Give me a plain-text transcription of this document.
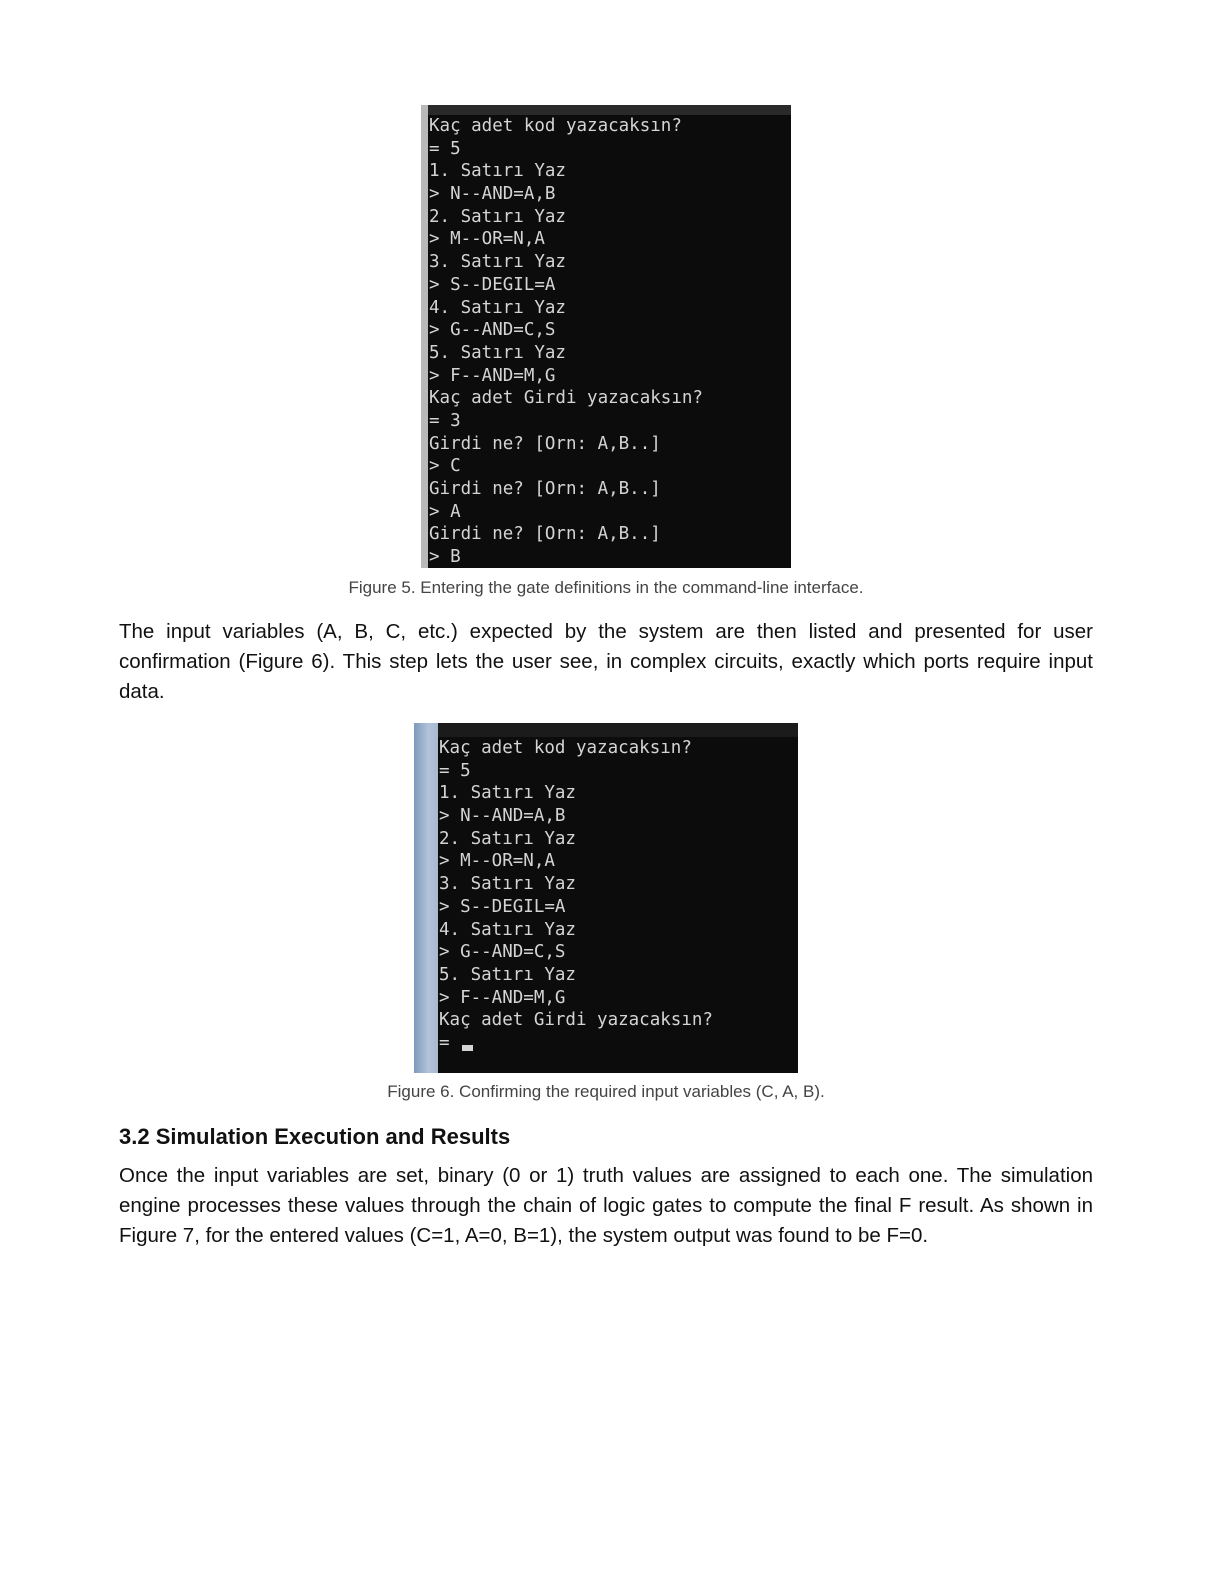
Kaç adet kod yazacaksın?
= 5
1. Satırı Yaz
> N--AND=A,B
2. Satırı Yaz
> M--OR=N,A
3. Satırı Yaz
> S--DEGIL=A
4. Satırı Yaz
> G--AND=C,S
5. Satırı Yaz
> F--AND=M,G
Kaç adet Girdi yazacaksın?
= 3
Girdi ne? [Orn: A,B..]
> C
Girdi ne? [Orn: A,B..]
> A
Girdi ne? [Orn: A,B..]
> B
Figure 5. Entering the gate definitions in the command-line interface.

The input variables (A, B, C, etc.) expected by the system are then listed and presented for user confirmation (Figure 6). This step lets the user see, in complex circuits, exactly which ports require input data.

Kaç adet kod yazacaksın?
= 5
1. Satırı Yaz
> N--AND=A,B
2. Satırı Yaz
> M--OR=N,A
3. Satırı Yaz
> S--DEGIL=A
4. Satırı Yaz
> G--AND=C,S
5. Satırı Yaz
> F--AND=M,G
Kaç adet Girdi yazacaksın?
=
Figure 6. Confirming the required input variables (C, A, B).
3.2 Simulation Execution and Results

Once the input variables are set, binary (0 or 1) truth values are assigned to each one. The simulation engine processes these values through the chain of logic gates to compute the final F result. As shown in Figure 7, for the entered values (C=1, A=0, B=1), the system output was found to be F=0.
